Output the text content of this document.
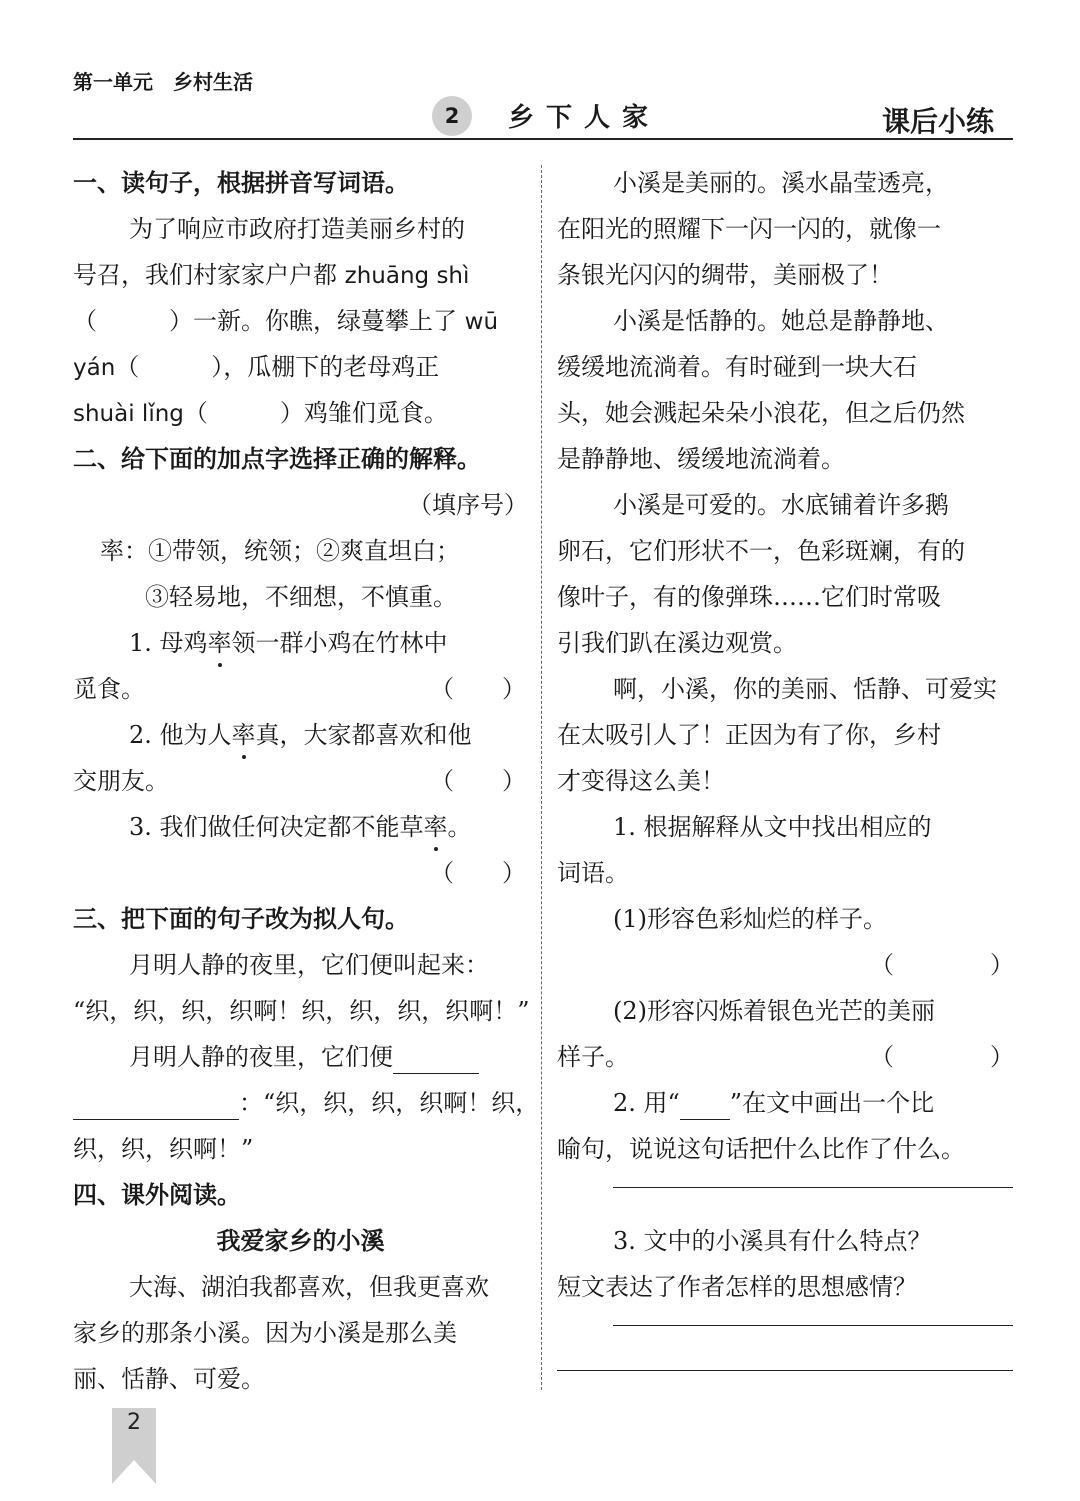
第一单元　乡村生活
2	乡下人家	课后小练
一、读句子，根据拼音写词语。
为了响应市政府打造美丽乡村的
号召，我们村家家户户都 zhuāng shì
（　　　）一新。你瞧，绿蔓攀上了 wū
yán（　　　），瓜棚下的老母鸡正
shuài lǐng（　　　）鸡雏们觅食。
二、给下面的加点字选择正确的解释。
（填序号）
率：①带领，统领；②爽直坦白；
③轻易地，不细想，不慎重。
1. 母鸡率领一群小鸡在竹林中
觅食。	（　　）
2. 他为人率真，大家都喜欢和他
交朋友。	（　　）
3. 我们做任何决定都不能草率。
（　　）
三、把下面的句子改为拟人句。
月明人静的夜里，它们便叫起来：
“织，织，织，织啊！织，织，织，织啊！”
月明人静的夜里，它们便
：“织，织，织，织啊！织，
织，织，织啊！”
四、课外阅读。
我爱家乡的小溪
大海、湖泊我都喜欢，但我更喜欢
家乡的那条小溪。因为小溪是那么美
丽、恬静、可爱。
小溪是美丽的。溪水晶莹透亮，
在阳光的照耀下一闪一闪的，就像一
条银光闪闪的绸带，美丽极了！
小溪是恬静的。她总是静静地、
缓缓地流淌着。有时碰到一块大石
头，她会溅起朵朵小浪花，但之后仍然
是静静地、缓缓地流淌着。
小溪是可爱的。水底铺着许多鹅
卵石，它们形状不一，色彩斑斓，有的
像叶子，有的像弹珠……它们时常吸
引我们趴在溪边观赏。
啊，小溪，你的美丽、恬静、可爱实
在太吸引人了！正因为有了你，乡村
才变得这么美！
1. 根据解释从文中找出相应的
词语。
(1)形容色彩灿烂的样子。
（　　　　）
(2)形容闪烁着银色光芒的美丽
样子。	（　　　　）
2. 用“ ”在文中画出一个比
喻句，说说这句话把什么比作了什么。
3. 文中的小溪具有什么特点？
短文表达了作者怎样的思想感情？
2
